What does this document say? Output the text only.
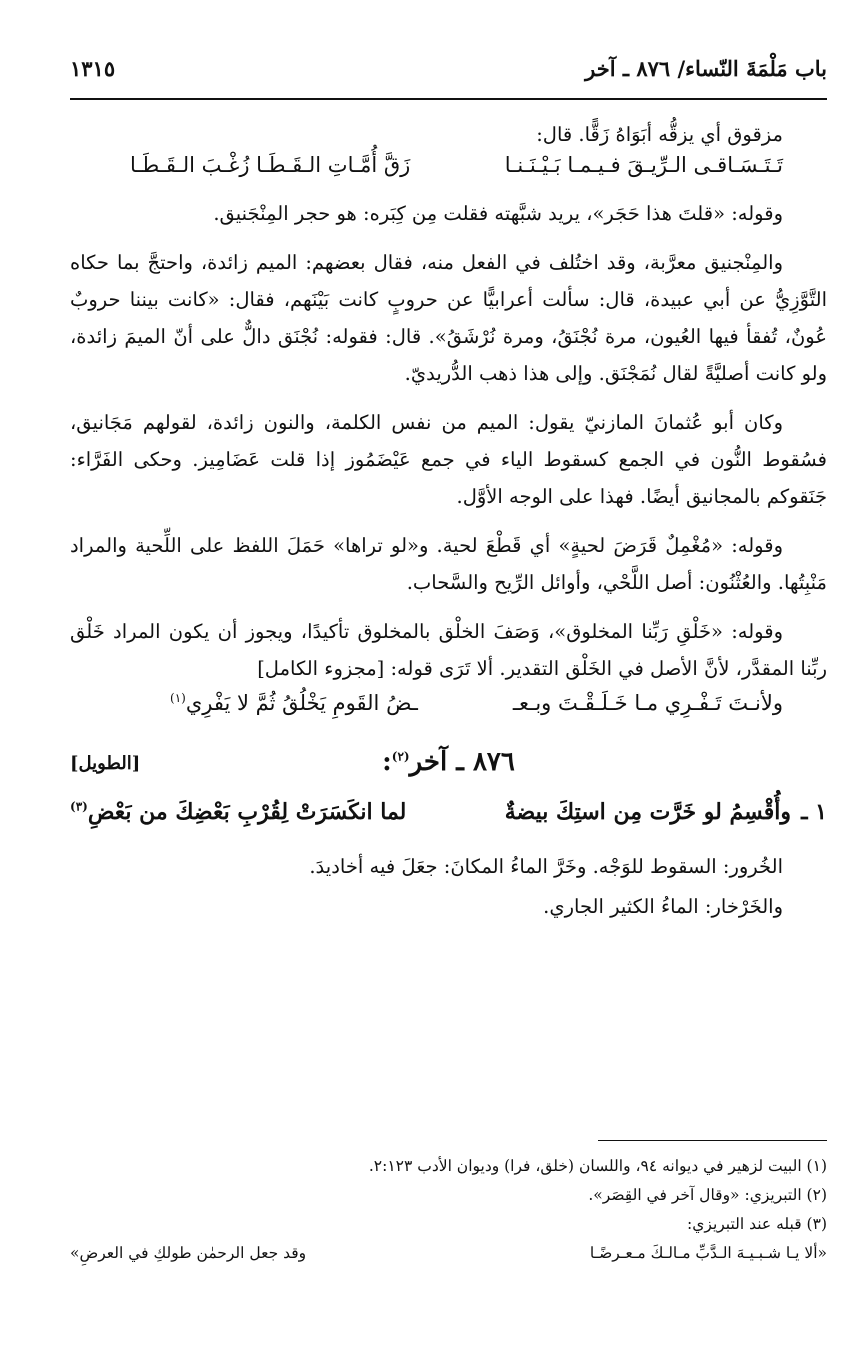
باب مَلْمَةَ النّساء/ ٨٧٦ ـ آخر
١٣١٥

مزقوق أي يزقُّه أبَوَاهُ زَقًّا. قال:

تَـتَـسَـاقـى الـرِّيـقَ فـيـمـا بَـيْـنَـنـا
زَقَّ أُمَّـاتِ الـقَـطَـا زُغْـبَ الـقَـطَـا

وقوله: «قلتَ هذا حَجَر»، يريد شبَّهته فقلت مِن كِبَره: هو حجر المِنْجَنيق.

والمِنْجنيق معرَّبة، وقد اختُلف في الفعل منه، فقال بعضهم: الميم زائدة، واحتجَّ بما حكاه التَّوَّزِيُّ عن أبي عبيدة، قال: سألت أعرابيًّا عن حروبٍ كانت بَيْنَهم، فقال: «كانت بيننا حروبٌ عُونٌ، تُفقأ فيها العُيون، مرة نُجْنَقُ، ومرة نُرْشَقُ». قال: فقوله: نُجْنَق دالٌّ على أنّ الميمَ زائدة، ولو كانت أصليَّةً لقال نُمَجْنَق. وإلى هذا ذهب الدُّريديّ.

وكان أبو عُثمانَ المازنيّ يقول: الميم من نفس الكلمة، والنون زائدة، لقولهم مَجَانيق، فسُقوط النُّون في الجمع كسقوط الياء في جمع عَيْضَمُوز إذا قلت عَضَامِيز. وحكى الفَرَّاء: جَنَقوكم بالمجانيق أيضًا. فهذا على الوجه الأوَّل.

وقوله: «مُغْمِلٌ قَرَضَ لحيةٍ» أي قَطْعَ لحية. و«لو تراها» حَمَلَ اللفظ على اللِّحية والمراد مَنْبِتُها. والعُثْنُون: أصل اللَّحْي، وأوائل الرِّيح والسَّحاب.

وقوله: «خَلْقِ رَبِّنا المخلوق»، وَصَفَ الخلْق بالمخلوق تأكيدًا، ويجوز أن يكون المراد خَلْق ربِّنا المقدَّر، لأنَّ الأصل في الخَلْق التقدير. ألا تَرَى قوله: [مجزوء الكامل]

ولأنـتَ تَـفْـرِي مـا خَـلَـقْـتَ وبـعـ
ـضُ القَومِ يَخْلُقُ ثُمَّ لا يَفْرِي$^{(١)}$
٨٧٦ ـ آخر$^{(٢)}$:
[الطويل]
١ ـ
وأُقْسِمُ لو خَرَّت مِن استِكَ بيضةٌ
لما انكَسَرَتْ لِقُرْبِ بَعْضِكَ من بَعْضِ$^{(٣)}$
الخُرور: السقوط للوَجْه. وخَرَّ الماءُ المكانَ: جعَلَ فيه أخاديدَ.
والخَرْخار: الماءُ الكثير الجاري.
(١) البيت لزهير في ديوانه ٩٤، واللسان (خلق، فرا) وديوان الأدب ٢:١٢٣.
(٢) التبريزي: «وقال آخر في القِصَر».
(٣) قبله عند التبريزي:
«ألا يـا شـبـيـهَ الـدَّبِّ مـالـكَ مـعـرضًـا
وقد جعل الرحمٰن طولكِ في العرضِ»
